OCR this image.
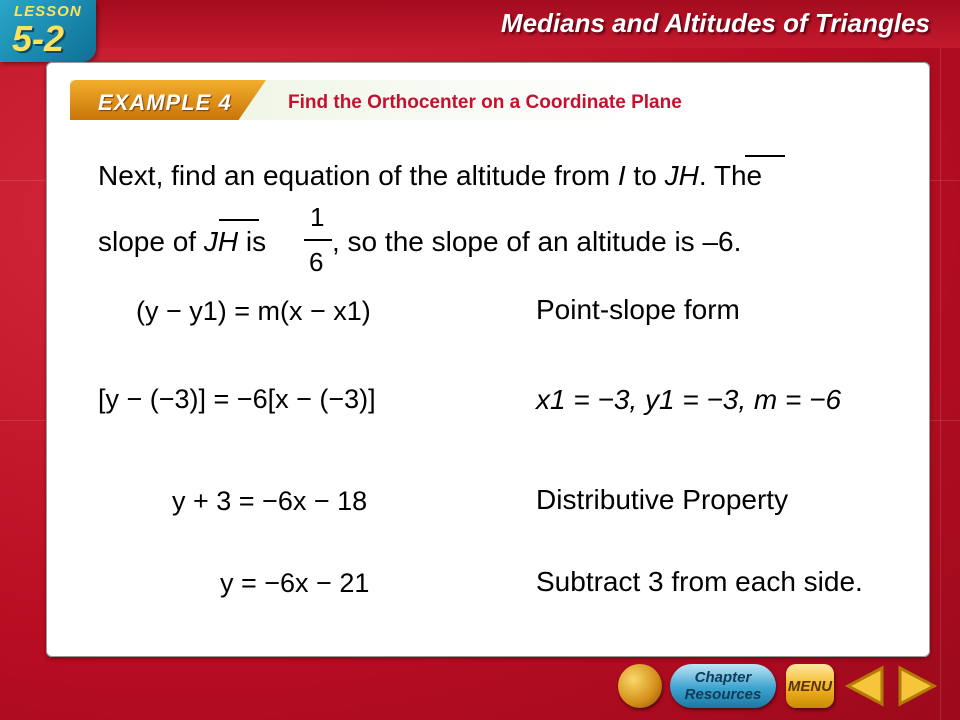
LESSON
5-2	Medians and Altitudes of Triangles
EXAMPLE 4	Find the Orthocenter on a Coordinate Plane
Next, find an equation of the altitude from I to JH. The
slope of JH is
1
6
, so the slope of an altitude is –6.
(y − y1) = m(x − x1)	Point-slope form
[y − (−3)] = −6[x − (−3)]	x1 = −3, y1 = −3, m = −6
y + 3 = −6x − 18	Distributive Property
y = −6x − 21	Subtract 3 from each side.
Chapter Resources	MENU
